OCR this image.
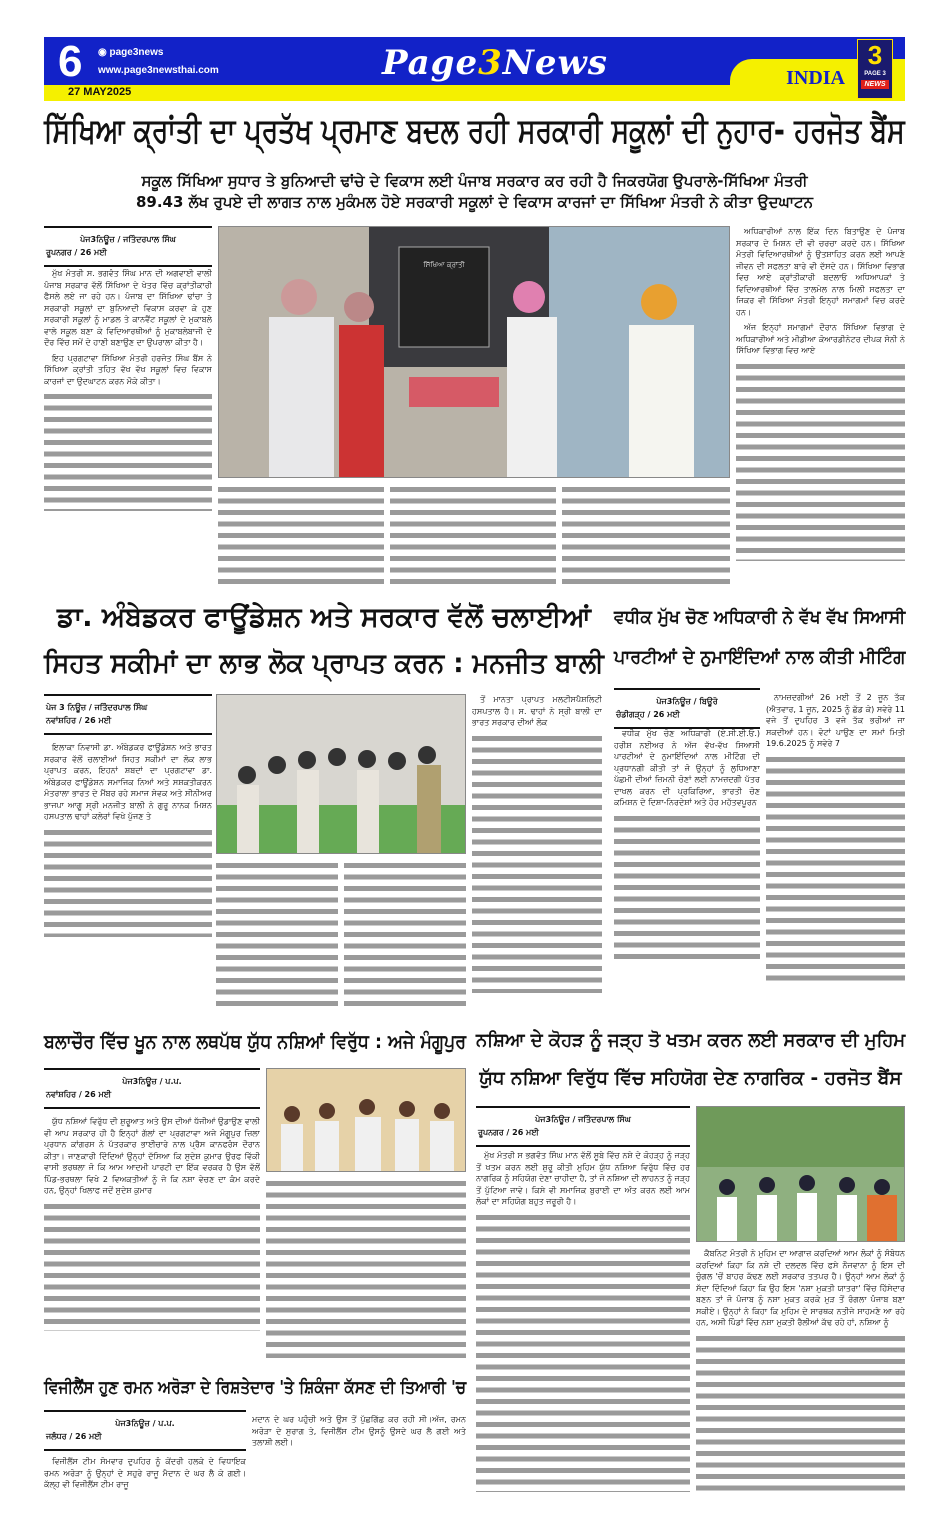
6 ◉ page3news
www.page3newsthai.com
27 MAY2025
Page3News	INDIA
3
PAGE 3
NEWS
ਸਿੱਖਿਆ ਕ੍ਰਾਂਤੀ ਦਾ ਪ੍ਰਤੱਖ ਪ੍ਰਮਾਣ ਬਦਲ ਰਹੀ ਸਰਕਾਰੀ ਸਕੂਲਾਂ ਦੀ ਨੁਹਾਰ- ਹਰਜੋਤ ਬੈਂਸ
ਸਕੂਲ ਸਿੱਖਿਆ ਸੁਧਾਰ ਤੇ ਬੁਨਿਆਦੀ ਢਾਂਚੇ ਦੇ ਵਿਕਾਸ ਲਈ ਪੰਜਾਬ ਸਰਕਾਰ ਕਰ ਰਹੀ ਹੈ ਜਿਕਰਯੋਗ ਉਪਰਾਲੇ-ਸਿੱਖਿਆ ਮੰਤਰੀ
89.43 ਲੱਖ ਰੁਪਏ ਦੀ ਲਾਗਤ ਨਾਲ ਮੁਕੰਮਲ ਹੋਏ ਸਰਕਾਰੀ ਸਕੂਲਾਂ ਦੇ ਵਿਕਾਸ ਕਾਰਜਾਂ ਦਾ ਸਿੱਖਿਆ ਮੰਤਰੀ ਨੇ ਕੀਤਾ ਉਦਘਾਟਨ
ਪੇਜ3ਨਿਊਜ਼ / ਜਤਿੰਦਰਪਾਲ ਸਿੰਘ
ਰੂਪਨਗਰ / 26 ਮਈ

ਮੁੱਖ ਮੰਤਰੀ ਸ. ਭਗਵੰਤ ਸਿੰਘ ਮਾਨ ਦੀ ਅਗਵਾਈ ਵਾਲੀ ਪੰਜਾਬ ਸਰਕਾਰ ਵੱਲੋਂ ਸਿੱਖਿਆ ਦੇ ਖੇਤਰ ਵਿੱਚ ਕ੍ਰਾਂਤੀਕਾਰੀ ਫੈਸਲੇ ਲਏ ਜਾ ਰਹੇ ਹਨ। ਪੰਜਾਬ ਦਾ ਸਿੱਖਿਆ ਢਾਂਚਾ ਤੇ ਸਰਕਾਰੀ ਸਕੂਲਾਂ ਦਾ ਬੁਨਿਆਦੀ ਵਿਕਾਸ ਕਰਵਾ ਕੇ ਹੁਣ ਸਰਕਾਰੀ ਸਕੂਲਾਂ ਨੂੰ ਮਾਡਲ ਤੇ ਕਾਨਵੈਂਟ ਸਕੂਲਾਂ ਦੇ ਮੁਕਾਬਲੇ ਵਾਲੇ ਸਕੂਲ ਬਣਾ ਕੇ ਵਿਦਿਆਰਥੀਆਂ ਨੂੰ ਮੁਕਾਬਲੇਬਾਜੀ ਦੇ ਦੌਰ ਵਿੱਚ ਸਮੇਂ ਦੇ ਹਾਣੀ ਬਣਾਉਣ ਦਾ ਉਪਰਾਲਾ ਕੀਤਾ ਹੈ।

ਇਹ ਪ੍ਰਗਟਾਵਾ ਸਿੱਖਿਆ ਮੰਤਰੀ ਹਰਜੋਤ ਸਿੰਘ ਬੈਂਸ ਨੇ ਸਿੱਖਿਆ ਕ੍ਰਾਂਤੀ ਤਹਿਤ ਵੱਖ ਵੱਖ ਸਕੂਲਾਂ ਵਿਚ ਵਿਕਾਸ ਕਾਰਜਾਂ ਦਾ ਉਦਘਾਟਨ ਕਰਨ ਮੌਕੇ ਕੀਤਾ।

ਸਿੱਖਿਆ ਕ੍ਰਾਂਤੀ

ਅਧਿਕਾਰੀਆਂ ਨਾਲ ਇੱਕ ਦਿਨ ਬਿਤਾਉਣ ਦੇ ਪੰਜਾਬ ਸਰਕਾਰ ਦੇ ਮਿਸ਼ਨ ਦੀ ਵੀ ਚਰਚਾ ਕਰਦੇ ਹਨ। ਸਿੱਖਿਆ ਮੰਤਰੀ ਵਿਦਿਆਰਥੀਆਂ ਨੂੰ ਉਤਸ਼ਾਹਿਤ ਕਰਨ ਲਈ ਆਪਣੇ ਜੀਵਨ ਦੀ ਸਫਲਤਾ ਬਾਰੇ ਵੀ ਦੱਸਦੇ ਹਨ। ਸਿੱਖਿਆ ਵਿਭਾਗ ਵਿਚ ਆਏ ਕ੍ਰਾਂਤੀਕਾਰੀ ਬਦਲਾਓ ਅਧਿਆਪਕਾਂ ਤੇ ਵਿਦਿਆਰਥੀਆਂ ਵਿੱਚ ਤਾਲਮੇਲ ਨਾਲ ਮਿਲੀ ਸਫਲਤਾ ਦਾ ਜਿਕਰ ਵੀ ਸਿੱਖਿਆ ਮੰਤਰੀ ਇਨ੍ਹਾਂ ਸਮਾਗਮਾਂ ਵਿਚ ਕਰਦੇ ਹਨ।

ਅੱਜ ਇਨ੍ਹਾਂ ਸਮਾਗਮਾਂ ਦੌਰਾਨ ਸਿੱਖਿਆ ਵਿਭਾਗ ਦੇ ਅਧਿਕਾਰੀਆਂ ਅਤੇ ਮੀਡੀਆ ਕੋਆਰਡੀਨੇਟਰ ਦੀਪਕ ਸੋਨੀ ਨੇ ਸਿੱਖਿਆ ਵਿਭਾਗ ਵਿਚ ਆਏ

ਡਾ. ਅੰਬੇਡਕਰ ਫਾਊਂਡੇਸ਼ਨ ਅਤੇ ਸਰਕਾਰ ਵੱਲੋਂ ਚਲਾਈਆਂ
ਸਿਹਤ ਸਕੀਮਾਂ ਦਾ ਲਾਭ ਲੋਕ ਪ੍ਰਾਪਤ ਕਰਨ : ਮਨਜੀਤ ਬਾਲੀ
ਪੇਜ 3 ਨਿਊਜ਼ / ਜਤਿੰਦਰਪਾਲ ਸਿੰਘ
ਨਵਾਂਸ਼ਹਿਰ / 26 ਮਈ

ਇਲਾਕਾ ਨਿਵਾਸੀ ਡਾ. ਅੰਬੇਡਕਰ ਫਾਊਂਡੇਸ਼ਨ ਅਤੇ ਭਾਰਤ ਸਰਕਾਰ ਵੱਲੋਂ ਚਲਾਈਆਂ ਸਿਹਤ ਸਕੀਮਾਂ ਦਾ ਲੋਕ ਲਾਭ ਪ੍ਰਾਪਤ ਕਰਨ, ਇਹਨਾਂ ਸ਼ਬਦਾਂ ਦਾ ਪ੍ਰਗਟਾਵਾ ਡਾ. ਅੰਬੇਡਕਰ ਫਾਊਂਡੇਸ਼ਨ ਸਮਾਜਿਕ ਨਿਆਂ ਅਤੇ ਸਸ਼ਕਤੀਕਰਨ ਮੰਤਰਾਲਾ ਭਾਰਤ ਦੇ ਮੈਂਬਰ ਰਹੇ ਸਮਾਜ ਸੇਵਕ ਅਤੇ ਸੀਨੀਅਰ ਭਾਜਪਾ ਆਗੂ ਸ੍ਰੀ ਮਨਜੀਤ ਬਾਲੀ ਨੇ ਗੁਰੂ ਨਾਨਕ ਮਿਸ਼ਨ ਹਸਪਤਾਲ ਢਾਹਾਂ ਕਲੇਰਾਂ ਵਿਖੇ ਪੁੱਜਣ ਤੇ

ਤੋਂ ਮਾਨਤਾ ਪ੍ਰਾਪਤ ਮਲਟੀਸਪੈਸ਼ਲਿਟੀ ਹਸਪਤਾਲ ਹੈ। ਸ. ਢਾਹਾਂ ਨੇ ਸ੍ਰੀ ਬਾਲੀ ਦਾ ਭਾਰਤ ਸਰਕਾਰ ਦੀਆਂ ਲੋਕ

ਵਧੀਕ ਮੁੱਖ ਚੋਣ ਅਧਿਕਾਰੀ ਨੇ ਵੱਖ ਵੱਖ ਸਿਆਸੀ
ਪਾਰਟੀਆਂ ਦੇ ਨੁਮਾਇੰਦਿਆਂ ਨਾਲ ਕੀਤੀ ਮੀਟਿੰਗ
ਪੇਜ3ਨਿਊਜ਼ / ਬਿਊਰੋ
ਚੰਡੀਗੜ੍ਹ / 26 ਮਈ

ਵਧੀਕ ਮੁੱਖ ਚੋਣ ਅਧਿਕਾਰੀ (ਏ.ਸੀ.ਈ.ਓ.) ਹਰੀਸ਼ ਨਈਅਰ ਨੇ ਅੱਜ ਵੱਖ-ਵੱਖ ਸਿਆਸੀ ਪਾਰਟੀਆਂ ਦੇ ਨੁਮਾਇੰਦਿਆਂ ਨਾਲ ਮੀਟਿੰਗ ਦੀ ਪ੍ਰਧਾਨਗੀ ਕੀਤੀ ਤਾਂ ਜੋ ਉਨ੍ਹਾਂ ਨੂੰ ਲੁਧਿਆਣਾ ਪੱਛਮੀ ਦੀਆਂ ਜ਼ਿਮਨੀ ਚੋਣਾਂ ਲਈ ਨਾਮਜ਼ਦਗੀ ਪੱਤਰ ਦਾਖਲ ਕਰਨ ਦੀ ਪ੍ਰਕਿਰਿਆ, ਭਾਰਤੀ ਚੋਣ ਕਮਿਸ਼ਨ ਦੇ ਦਿਸ਼ਾ-ਨਿਰਦੇਸ਼ਾਂ ਅਤੇ ਹੋਰ ਮਹੱਤਵਪੂਰਨ

ਨਾਮਜ਼ਦਗੀਆਂ 26 ਮਈ ਤੋਂ 2 ਜੂਨ ਤੱਕ (ਐਤਵਾਰ, 1 ਜੂਨ, 2025 ਨੂੰ ਛੱਡ ਕੇ) ਸਵੇਰੇ 11 ਵਜੇ ਤੋਂ ਦੁਪਹਿਰ 3 ਵਜੇ ਤੱਕ ਭਰੀਆਂ ਜਾ ਸਕਦੀਆਂ ਹਨ। ਵੋਟਾਂ ਪਾਉਣ ਦਾ ਸਮਾਂ ਮਿਤੀ 19.6.2025 ਨੂੰ ਸਵੇਰੇ 7

ਬਲਾਚੌਰ ਵਿੱਚ ਖੂਨ ਨਾਲ ਲਥਪੱਥ ਯੁੱਧ ਨਸ਼ਿਆਂ ਵਿਰੁੱਧ : ਅਜੇ ਮੰਗੂਪੁਰ
ਪੇਜ3ਨਿਊਜ਼ / ਪ.ਪ.
ਨਵਾਂਸ਼ਹਿਰ / 26 ਮਈ

ਯੁੱਧ ਨਸ਼ਿਆਂ ਵਿਰੁੱਧ ਦੀ ਸ਼ੁਰੂਆਤ ਅਤੇ ਉਸ ਦੀਆਂ ਧੱਜੀਆਂ ਉਡਾਉਣ ਵਾਲੀ ਵੀ ਆਪ ਸਰਕਾਰ ਹੀ ਹੈ ਇਨ੍ਹਾਂ ਗੱਲਾਂ ਦਾ ਪ੍ਰਗਟਾਵਾ ਅਜੇ ਮੰਗੂਪੁਰ ਜ਼ਿਲਾ ਪ੍ਰਧਾਨ ਕਾਂਗਰਸ ਨੇ ਪੱਤਰਕਾਰ ਭਾਈਚਾਰੇ ਨਾਲ ਪ੍ਰੈਸ ਕਾਨਫਰੰਸ ਦੌਰਾਨ ਕੀਤਾ। ਜਾਣਕਾਰੀ ਦਿੰਦਿਆਂ ਉਨ੍ਹਾਂ ਦੱਸਿਆ ਕਿ ਸੁਦੇਸ਼ ਕੁਮਾਰ ਉਰਫ ਵਿੱਕੀ ਵਾਸੀ ਭਰਥਲਾ ਜੋ ਕਿ ਆਮ ਆਦਮੀ ਪਾਰਟੀ ਦਾ ਇੱਕ ਵਰਕਰ ਹੈ ਉਸ ਵੱਲੋਂ ਪਿੰਡ-ਭਰਥਲਾ ਵਿਖੇ 2 ਵਿਅਕਤੀਆਂ ਨੂੰ ਜੋ ਕਿ ਨਸ਼ਾ ਵੇਚਣ ਦਾ ਕੰਮ ਕਰਦੇ ਹਨ, ਉਨ੍ਹਾਂ ਖਿਲਾਫ ਜਦੋਂ ਸੁਦੇਸ਼ ਕੁਮਾਰ

ਨਸ਼ਿਆ ਦੇ ਕੋਹੜ ਨੂੰ ਜੜ੍ਹ ਤੋ ਖਤਮ ਕਰਨ ਲਈ ਸਰਕਾਰ ਦੀ ਮੁਹਿਮ
ਯੁੱਧ ਨਸ਼ਿਆ ਵਿਰੁੱਧ ਵਿੱਚ ਸਹਿਯੋਗ ਦੇਣ ਨਾਗਰਿਕ - ਹਰਜੋਤ ਬੈਂਸ
ਪੇਜ3ਨਿਊਜ਼ / ਜਤਿੰਦਰਪਾਲ ਸਿੰਘ
ਰੂਪਨਗਰ / 26 ਮਈ

ਮੁੱਖ ਮੰਤਰੀ ਸ ਭਗਵੰਤ ਸਿੰਘ ਮਾਨ ਵੱਲੋਂ ਸੂਬੇ ਵਿੱਚ ਨਸ਼ੇ ਦੇ ਕੋਹੜ੍ਹ ਨੂੰ ਜੜ੍ਹ ਤੋਂ ਖਤਮ ਕਰਨ ਲਈ ਸ਼ੁਰੂ ਕੀਤੀ ਮੁਹਿਮ ਯੁੱਧ ਨਸ਼ਿਆ ਵਿਰੁੱਧ ਵਿੱਚ ਹਰ ਨਾਗਰਿਕ ਨੂੰ ਸਹਿਯੋਗ ਦੇਣਾ ਚਾਹੀਦਾ ਹੈ, ਤਾਂ ਜੋ ਨਸ਼ਿਆ ਦੀ ਲਾਹਨਤ ਨੂੰ ਜੜ੍ਹ ਤੋਂ ਪੁੱਟਿਆ ਜਾਵੇ। ਕਿਸੇ ਵੀ ਸਮਾਜਿਕ ਬੁਰਾਈ ਦਾ ਅੰਤ ਕਰਨ ਲਈ ਆਮ ਲੋਕਾਂ ਦਾ ਸਹਿਯੋਗ ਬਹੁਤ ਜਰੂਰੀ ਹੈ।

ਕੈਬਨਿਟ ਮੰਤਰੀ ਨੇ ਮੁਹਿਮ ਦਾ ਆਗਾਜ਼ ਕਰਦਿਆਂ ਆਮ ਲੋਕਾਂ ਨੂੰ ਸੰਬੋਧਨ ਕਰਦਿਆਂ ਕਿਹਾ ਕਿ ਨਸ਼ੇ ਦੀ ਦਲਦਲ ਵਿੱਚ ਫਸੇ ਨੌਜਵਾਨਾ ਨੂੰ ਇਸ ਦੀ ਚੁੰਗਲ 'ਚੋਂ ਬਾਹਰ ਕੱਢਣ ਲਈ ਸਰਕਾਰ ਤਤਪਰ ਹੈ। ਉਨ੍ਹਾਂ ਆਮ ਲੋਕਾਂ ਨੂੰ ਸੱਦਾ ਦਿੰਦਿਆਂ ਕਿਹਾ ਕਿ ਉਹ ਇਸ 'ਨਸ਼ਾ ਮੁਕਤੀ ਯਾਤਰਾ' ਵਿੱਚ ਹਿੱਸੇਦਾਰ ਬਣਨ ਤਾਂ ਜੋ ਪੰਜਾਬ ਨੂੰ ਨਸ਼ਾ ਮੁਕਤ ਕਰਕੇ ਮੁੜ ਤੋਂ ਰੰਗਲਾ ਪੰਜਾਬ ਬਣਾ ਸਕੀਏ। ਉਨ੍ਹਾਂ ਨੇ ਕਿਹਾ ਕਿ ਮੁਹਿਮ ਦੇ ਸਾਰਥਕ ਨਤੀਜੇ ਸਾਹਮਣੇ ਆ ਰਹੇ ਹਨ, ਅਸੀ ਪਿੰਡਾਂ ਵਿੱਚ ਨਸ਼ਾ ਮੁਕਤੀ ਰੈਲੀਆਂ ਕੱਢ ਰਹੇ ਹਾਂ, ਨਸ਼ਿਆ ਨੂੰ

ਵਿਜੀਲੈਂਸ ਹੁਣ ਰਮਨ ਅਰੋੜਾ ਦੇ ਰਿਸ਼ਤੇਦਾਰ 'ਤੇ ਸ਼ਿਕੰਜਾ ਕੱਸਣ ਦੀ ਤਿਆਰੀ 'ਚ
ਪੇਜ3ਨਿਊਜ਼ / ਪ.ਪ.
ਜਲੰਧਰ / 26 ਮਈ

ਵਿਜੀਲੈਂਸ ਟੀਮ ਸੋਮਵਾਰ ਦੁਪਹਿਰ ਨੂੰ ਕੇਂਦਰੀ ਹਲਕੇ ਦੇ ਵਿਧਾਇਕ ਰਮਨ ਅਰੋੜਾ ਨੂੰ ਉਨ੍ਹਾਂ ਦੇ ਸਹੁਰੇ ਰਾਜੂ ਮੈਦਾਨ ਦੇ ਘਰ ਲੈ ਕੇ ਗਈ। ਕੱਲ੍ਹ ਵੀ ਵਿਜੀਲੈਂਸ ਟੀਮ ਰਾਜੂ

ਮਦਾਨ ਦੇ ਘਰ ਪਹੁੰਚੀ ਅਤੇ ਉਸ ਤੋਂ ਪੁੱਛਗਿੱਛ ਕਰ ਰਹੀ ਸੀ।ਅੱਜ, ਰਮਨ ਅਰੋੜਾ ਦੇ ਸੁਰਾਗ ਤੇ, ਵਿਜੀਲੈਂਸ ਟੀਮ ਉਸਨੂੰ ਉਸਦੇ ਘਰ ਲੈ ਗਈ ਅਤੇ ਤਲਾਸ਼ੀ ਲਈ।
